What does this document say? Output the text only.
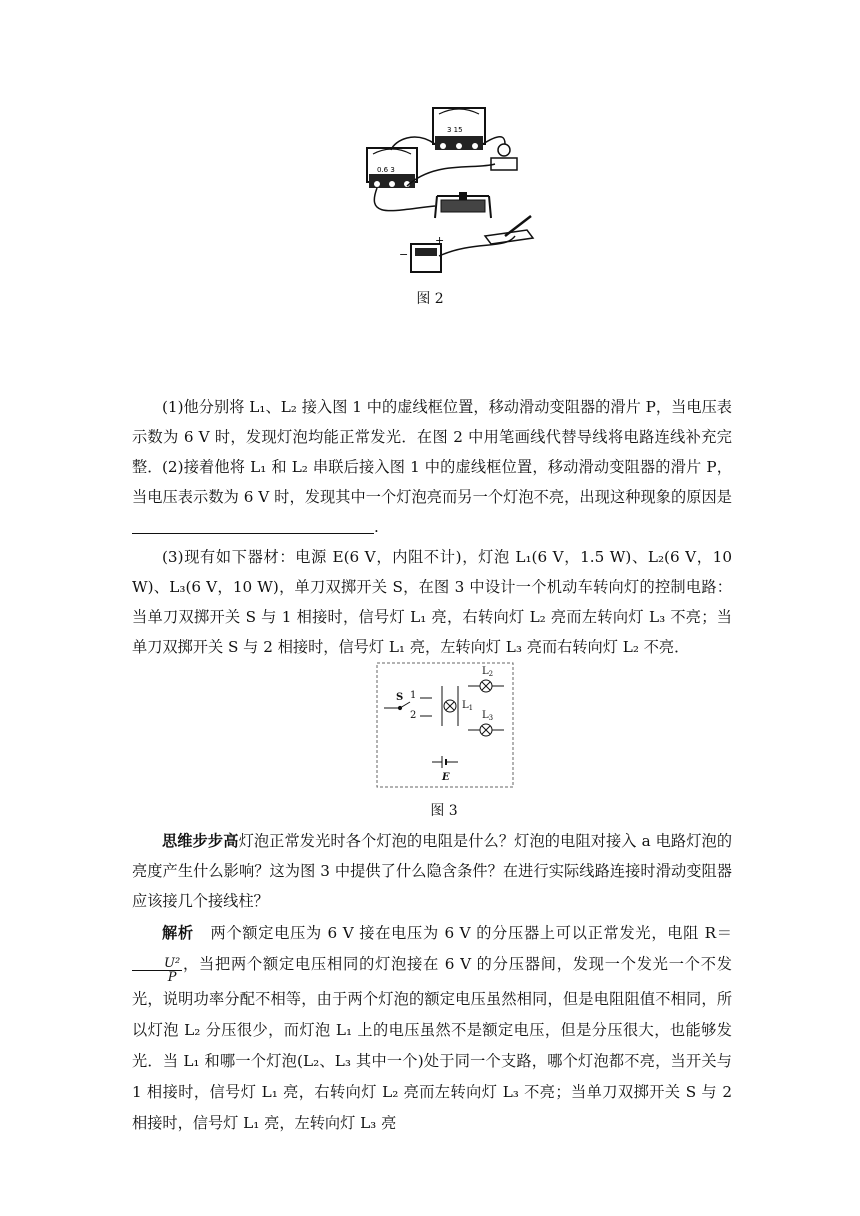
3 15
0.6 3
+
−
图 2

(1)他分别将 L₁、L₂ 接入图 1 中的虚线框位置，移动滑动变阻器的滑片 P，当电压表示数为 6 V 时，发现灯泡均能正常发光．在图 2 中用笔画线代替导线将电路连线补充完整． (2)接着他将 L₁ 和 L₂ 串联后接入图 1 中的虚线框位置，移动滑动变阻器的滑片 P，当电压表示数为 6 V 时，发现其中一个灯泡亮而另一个灯泡不亮，出现这种现象的原因是.

(3)现有如下器材：电源 E(6 V，内阻不计)，灯泡 L₁(6 V，1.5 W)、L₂(6 V，10 W)、L₃(6 V，10 W)，单刀双掷开关 S，在图 3 中设计一个机动车转向灯的控制电路：当单刀双掷开关 S 与 1 相接时，信号灯 L₁ 亮，右转向灯 L₂ 亮而左转向灯 L₃ 不亮；当单刀双掷开关 S 与 2 相接时，信号灯 L₁ 亮，左转向灯 L₃ 亮而右转向灯 L₂ 不亮．

S 1
2
$L_1$
$L_2$
$L_3$
E
图 3

思维步步高灯泡正常发光时各个灯泡的电阻是什么？灯泡的电阻对接入 a 电路灯泡的亮度产生什么影响？这为图 3 中提供了什么隐含条件？在进行实际线路连接时滑动变阻器应该接几个接线柱？

解析 两个额定电压为 6 V 接在电压为 6 V 的分压器上可以正常发光，电阻 R＝
$\frac{\text{U²}}{P}$ ，当把两个额定电压相同的灯泡接在 6 V 的分压器间，发现一个发光一个不发光，说明功率分配不相等，由于两个灯泡的额定电压虽然相同，但是电阻阻值不相同，所以灯泡 L₂ 分压很少，而灯泡 L₁ 上的电压虽然不是额定电压，但是分压很大，也能够发光．当 L₁ 和哪一个灯泡(L₂、L₃ 其中一个)处于同一个支路，哪个灯泡都不亮，当开关与 1 相接时，信号灯 L₁ 亮，右转向灯 L₂ 亮而左转向灯 L₃ 不亮；当单刀双掷开关 S 与 2 相接时，信号灯 L₁ 亮，左转向灯 L₃ 亮
